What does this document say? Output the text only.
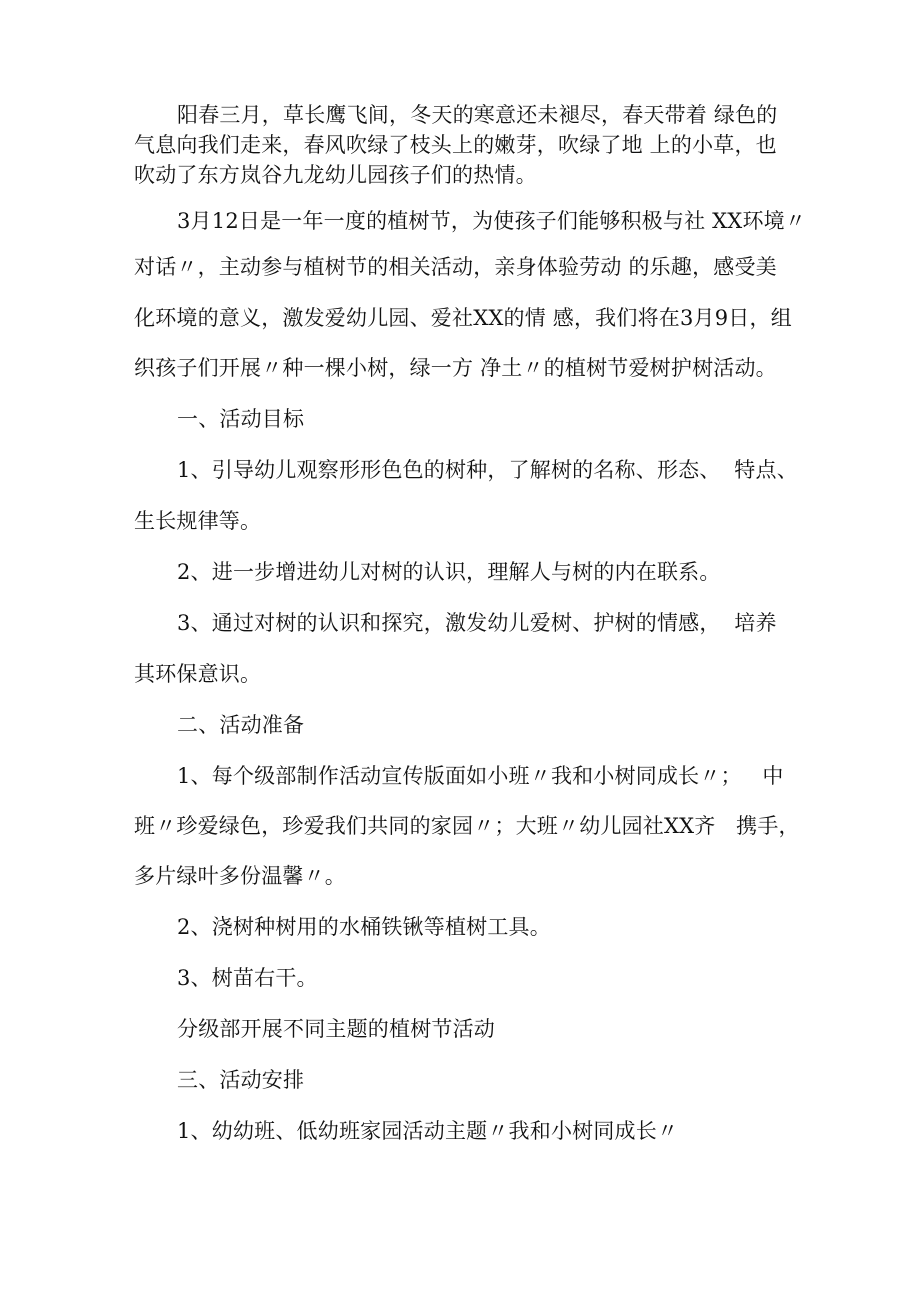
阳春三月，草长鹰飞间，冬天的寒意还未褪尽，春天带着 绿色的
气息向我们走来，春风吹绿了枝头上的嫩芽，吹绿了地 上的小草，也
吹动了东方岚谷九龙幼儿园孩子们的热情。
3月12日是一年一度的植树节，为使孩子们能够积极与社 XX环境〃
对话〃，主动参与植树节的相关活动，亲身体验劳动 的乐趣，感受美
化环境的意义，激发爱幼儿园、爱社XX的情 感，我们将在3月9日，组
织孩子们开展〃种一棵小树，绿一方 净土〃的植树节爱树护树活动。
一、活动目标
1、引导幼儿观察形形色色的树种，了解树的名称、形态、  特点、
生长规律等。
2、进一步增进幼儿对树的认识，理解人与树的内在联系。
3、通过对树的认识和探究，激发幼儿爱树、护树的情感，  培养
其环保意识。
二、活动准备
1、每个级部制作活动宣传版面如小班〃我和小树同成长〃；   中
班〃珍爱绿色，珍爱我们共同的家园〃；大班〃幼儿园社XX齐   携手，
多片绿叶多份温馨〃。
2、浇树种树用的水桶铁锹等植树工具。
3、树苗右干。
分级部开展不同主题的植树节活动
三、活动安排
1、幼幼班、低幼班家园活动主题〃我和小树同成长〃
